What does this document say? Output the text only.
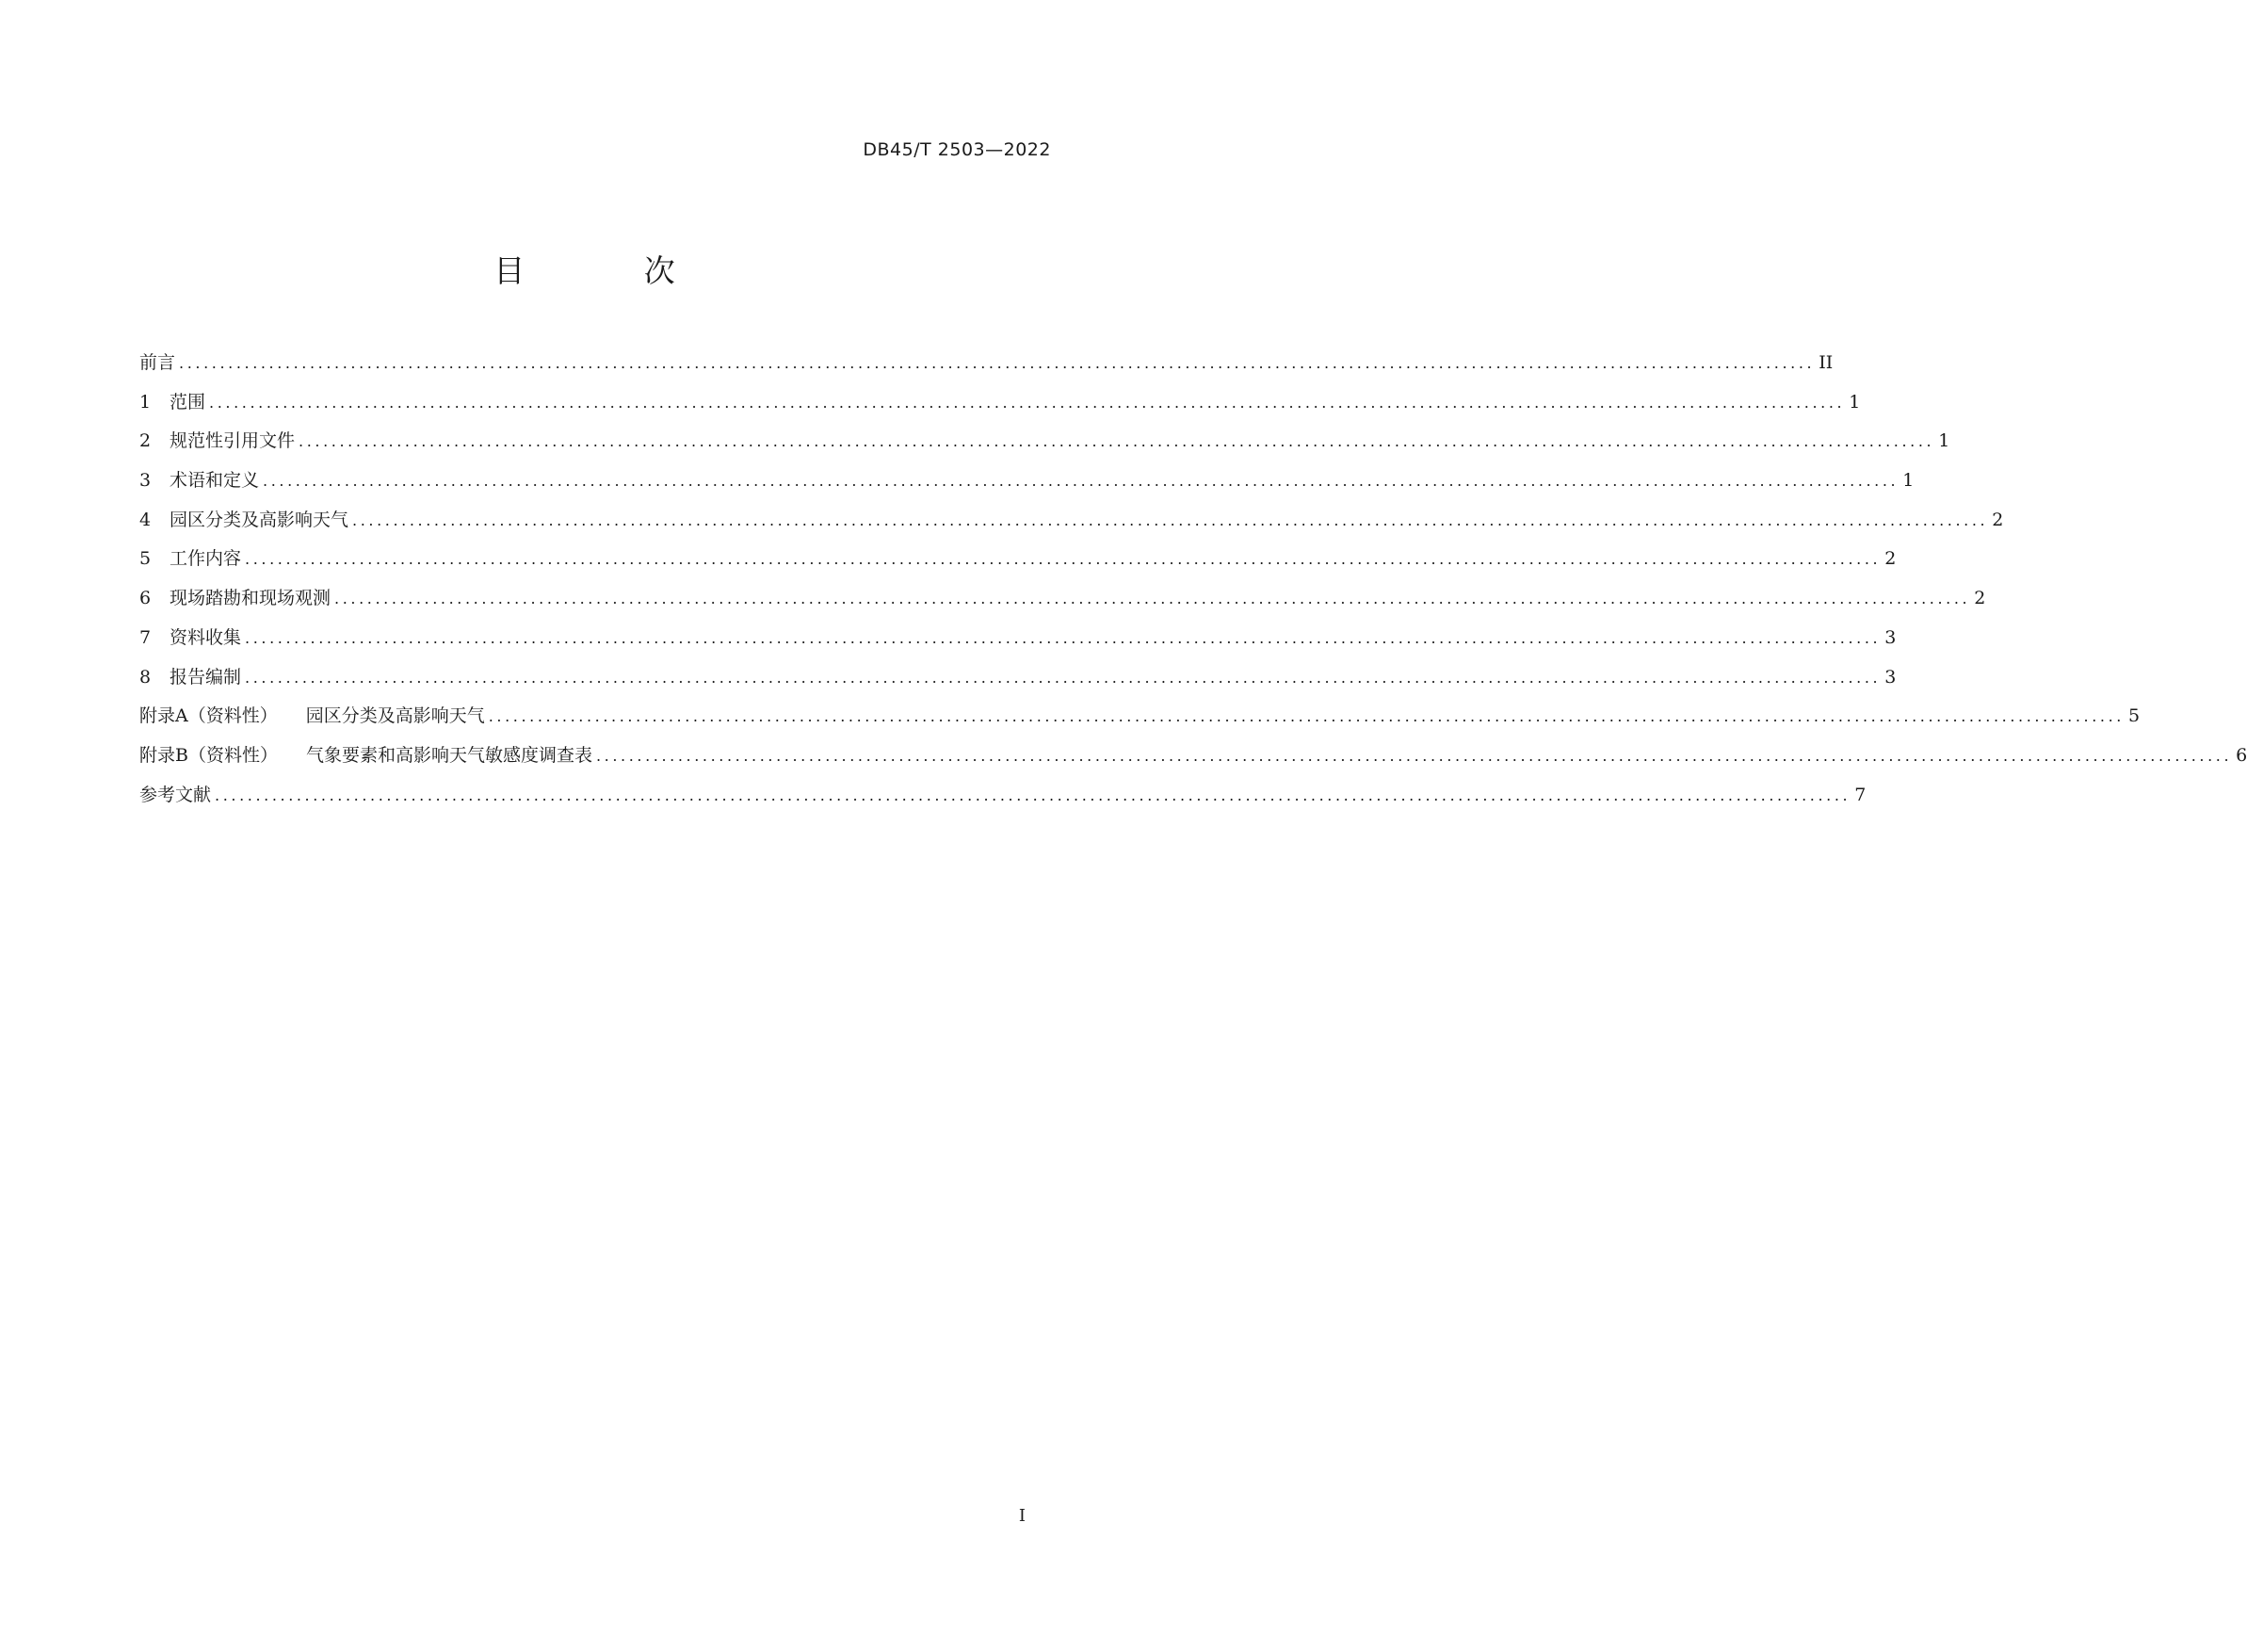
DB45/T 2503—2022
目 次
前言 ........................................................................................................................................................................................................ II
1	范围 ........................................................................................................................................................................................................ 1
2	规范性引用文件 ........................................................................................................................................................................................................ 1
3	术语和定义 ........................................................................................................................................................................................................ 1
4	园区分类及高影响天气 ........................................................................................................................................................................................................ 2
5	工作内容 ........................................................................................................................................................................................................ 2
6	现场踏勘和现场观测 ........................................................................................................................................................................................................ 2
7	资料收集 ........................................................................................................................................................................................................ 3
8	报告编制 ........................................................................................................................................................................................................ 3
附录A（资料性） 园区分类及高影响天气 ........................................................................................................................................................................................................ 5
附录B（资料性） 气象要素和高影响天气敏感度调查表 ........................................................................................................................................................................................................ 6
参考文献 ........................................................................................................................................................................................................ 7
I
